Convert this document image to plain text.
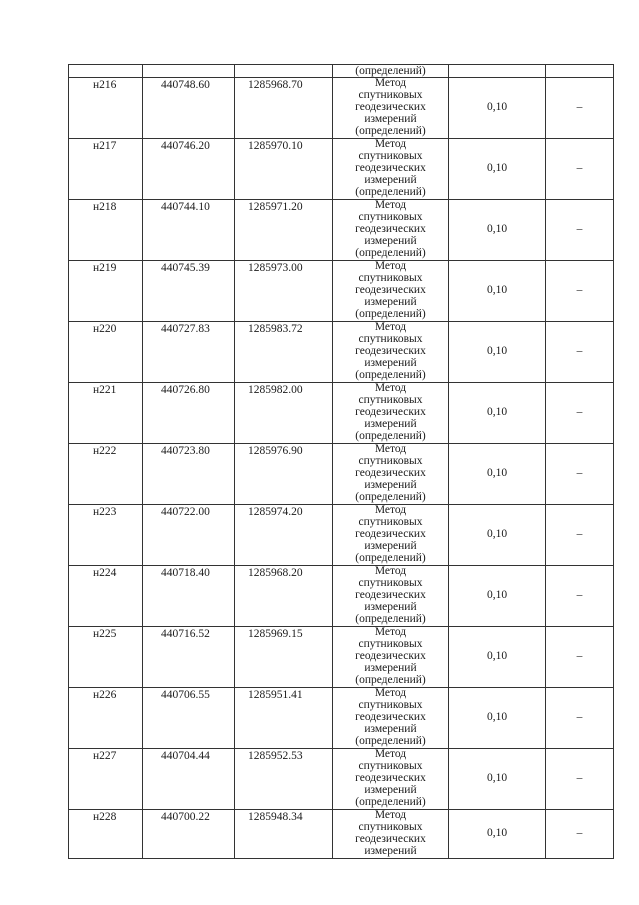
			(определений)		
н216	440748.60	1285968.70	Метод
спутниковых
геодезических
измерений
(определений)	0,10	–
н217	440746.20	1285970.10	Метод
спутниковых
геодезических
измерений
(определений)	0,10	–
н218	440744.10	1285971.20	Метод
спутниковых
геодезических
измерений
(определений)	0,10	–
н219	440745.39	1285973.00	Метод
спутниковых
геодезических
измерений
(определений)	0,10	–
н220	440727.83	1285983.72	Метод
спутниковых
геодезических
измерений
(определений)	0,10	–
н221	440726.80	1285982.00	Метод
спутниковых
геодезических
измерений
(определений)	0,10	–
н222	440723.80	1285976.90	Метод
спутниковых
геодезических
измерений
(определений)	0,10	–
н223	440722.00	1285974.20	Метод
спутниковых
геодезических
измерений
(определений)	0,10	–
н224	440718.40	1285968.20	Метод
спутниковых
геодезических
измерений
(определений)	0,10	–
н225	440716.52	1285969.15	Метод
спутниковых
геодезических
измерений
(определений)	0,10	–
н226	440706.55	1285951.41	Метод
спутниковых
геодезических
измерений
(определений)	0,10	–
н227	440704.44	1285952.53	Метод
спутниковых
геодезических
измерений
(определений)	0,10	–
н228	440700.22	1285948.34	Метод
спутниковых
геодезических
измерений	0,10	–
